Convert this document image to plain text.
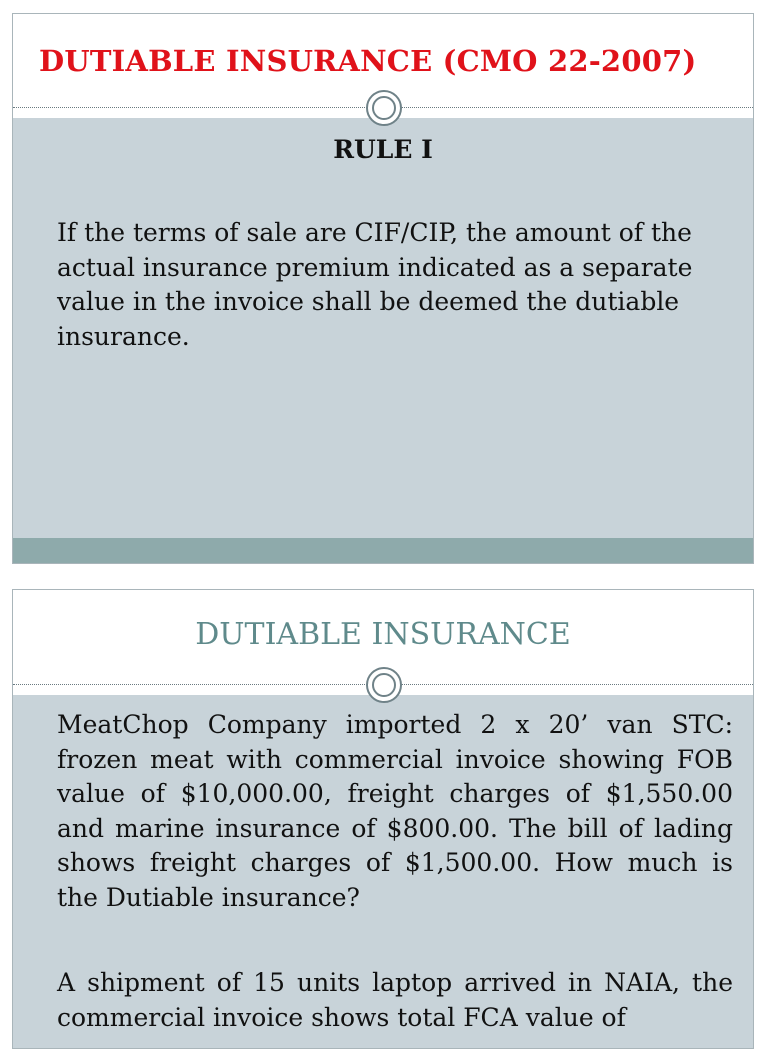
DUTIABLE INSURANCE (CMO 22-2007)
RULE I
If the terms of sale are CIF/CIP, the amount of the actual insurance premium indicated as a separate value in the invoice shall be deemed the dutiable insurance.
DUTIABLE INSURANCE
MeatChop Company imported 2 x 20’ van STC: frozen meat with commercial invoice showing FOB value of $10,000.00, freight charges of $1,550.00 and marine insurance of $800.00. The bill of lading shows freight charges of $1,500.00. How much is the Dutiable insurance?
A shipment of 15 units laptop arrived in NAIA, the commercial invoice shows total FCA value of
